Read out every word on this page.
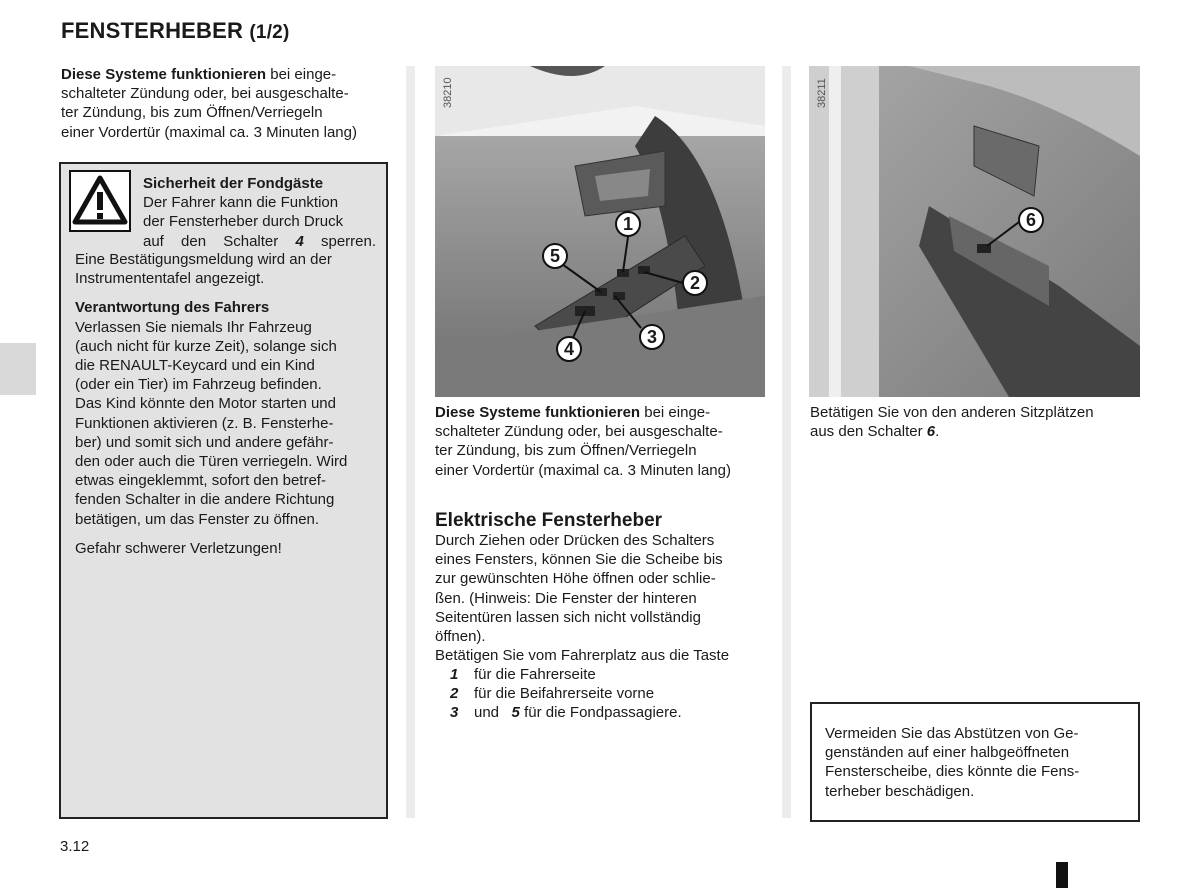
FENSTERHEBER (1/2)
Diese Systeme funktionieren bei einge-
schalteter Zündung oder, bei ausgeschalte-
ter Zündung, bis zum Öffnen/Verriegeln
einer Vordertür (maximal ca. 3 Minuten lang)
Sicherheit der Fondgäste
Der Fahrer kann die Funktion
der Fensterheber durch Druck
auf den Schalter 4 sperren.
Eine Bestätigungsmeldung wird an der
Instrumententafel angezeigt.
Verantwortung des Fahrers
Verlassen Sie niemals Ihr Fahrzeug
(auch nicht für kurze Zeit), solange sich
die RENAULT-Keycard und ein Kind
(oder ein Tier) im Fahrzeug befinden.
Das Kind könnte den Motor starten und
Funktionen aktivieren (z. B. Fensterhe-
ber) und somit sich und andere gefähr-
den oder auch die Türen verriegeln. Wird
etwas eingeklemmt, sofort den betref-
fenden Schalter in die andere Richtung
betätigen, um das Fenster zu öffnen.
Gefahr schwerer Verletzungen!
1
2
3
4
5
38210
6
38211
Diese Systeme funktionieren bei einge-
schalteter Zündung oder, bei ausgeschalte-
ter Zündung, bis zum Öffnen/Verriegeln
einer Vordertür (maximal ca. 3 Minuten lang)
Elektrische Fensterheber
Durch Ziehen oder Drücken des Schalters
eines Fensters, können Sie die Scheibe bis
zur gewünschten Höhe öffnen oder schlie-
ßen. (Hinweis: Die Fenster der hinteren
Seitentüren lassen sich nicht vollständig
öffnen).
Betätigen Sie vom Fahrerplatz aus die Taste
1 für die Fahrerseite
2 für die Beifahrerseite vorne
3 und 5 für die Fondpassagiere.
Betätigen Sie von den anderen Sitzplätzen
aus den Schalter 6.
Vermeiden Sie das Abstützen von Ge-
genständen auf einer halbgeöffneten
Fensterscheibe, dies könnte die Fens-
terheber beschädigen.
3.12
